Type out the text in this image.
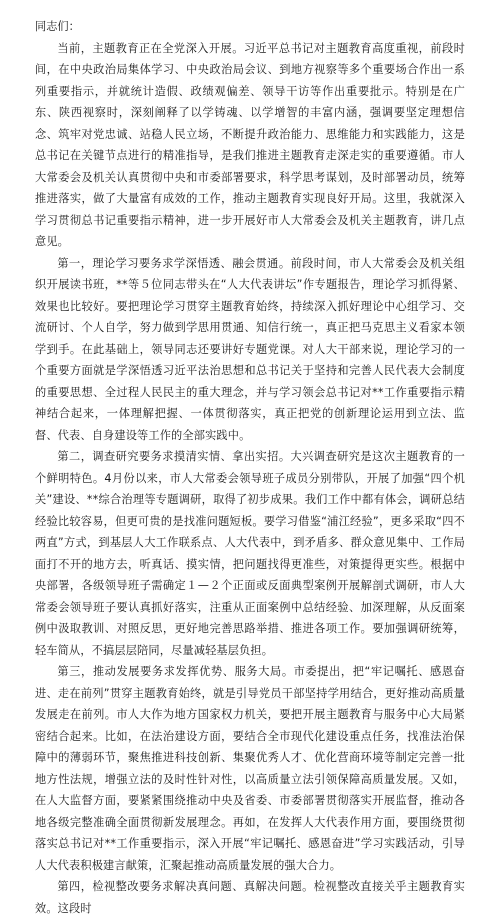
同志们：

当前，主题教育正在全党深入开展。习近平总书记对主题教育高度重视，前段时间，在中央政治局集体学习、中央政治局会议、到地方视察等多个重要场合作出一系列重要指示，并就统计造假、政绩观偏差、领导干访等作出重要批示。特别是在广东、陕西视察时，深刻阐释了以学铸魂、以学增智的丰富内涵，强调要坚定理想信念、筑牢对党忠诚、站稳人民立场，不断提升政治能力、思维能力和实践能力，这是总书记在关键节点进行的精准指导，是我们推进主题教育走深走实的重要遵循。市人大常委会及机关认真贯彻中央和市委部署要求，科学思考谋划，及时部署动员，统筹推进落实，做了大量富有成效的工作，推动主题教育实现良好开局。这里，我就深入学习贯彻总书记重要指示精神，进一步开展好市人大常委会及机关主题教育，讲几点意见。

第一，理论学习要务求学深悟透、融会贯通。前段时间，市人大常委会及机关组织开展读书班，**等５位同志带头在“人大代表讲坛”作专题报告，理论学习抓得紧、效果也比较好。要把理论学习贯穿主题教育始终，持续深入抓好理论中心组学习、交流研讨、个人自学，努力做到学思用贯通、知信行统一，真正把马克思主义看家本领学到手。在此基础上，领导同志还要讲好专题党课。对人大干部来说，理论学习的一个重要方面就是学深悟透习近平法治思想和总书记关于坚持和完善人民代表大会制度的重要思想、全过程人民民主的重大理念，并与学习领会总书记对**工作重要指示精神结合起来，一体理解把握、一体贯彻落实，真正把党的创新理论运用到立法、监督、代表、自身建设等工作的全部实践中。

第二，调查研究要务求摸清实情、拿出实招。大兴调查研究是这次主题教育的一个鲜明特色。4月份以来，市人大常委会领导班子成员分别带队，开展了加强“四个机关”建设、**综合治理等专题调研，取得了初步成果。我们工作中都有体会，调研总结经验比较容易，但更可贵的是找准问题短板。要学习借鉴“浦江经验”，更多采取“四不两直”方式，到基层人大工作联系点、人大代表中，到矛盾多、群众意见集中、工作局面打不开的地方去，听真话、摸实情，把问题找得更准些，对策提得更实些。根据中央部署，各级领导班子需确定１—２个正面或反面典型案例开展解剖式调研，市人大常委会领导班子要认真抓好落实，注重从正面案例中总结经验、加深理解，从反面案例中汲取教训、对照反思，更好地完善思路举措、推进各项工作。要加强调研统筹，轻车简从，不搞层层陪同，尽量减轻基层负担。

第三，推动发展要务求发挥优势、服务大局。市委提出，把“牢记嘱托、感恩奋进、走在前列”贯穿主题教育始终，就是引导党员干部坚持学用结合，更好推动高质量发展走在前列。市人大作为地方国家权力机关，要把开展主题教育与服务中心大局紧密结合起来。比如，在法治建设方面，要结合全市现代化建设重点任务，找准法治保障中的薄弱环节，聚焦推进科技创新、集聚优秀人才、优化营商环境等制定完善一批地方性法规，增强立法的及时性针对性，以高质量立法引领保障高质量发展。又如，在人大监督方面，要紧紧围绕推动中央及省委、市委部署贯彻落实开展监督，推动各地各级完整准确全面贯彻新发展理念。再如，在发挥人大代表作用方面，要围绕贯彻落实总书记对**工作重要指示，深入开展“牢记嘱托、感恩奋进”学习实践活动，引导人大代表积极建言献策，汇聚起推动高质量发展的强大合力。

第四，检视整改要务求解决真问题、真解决问题。检视整改直接关乎主题教育实效。这段时
